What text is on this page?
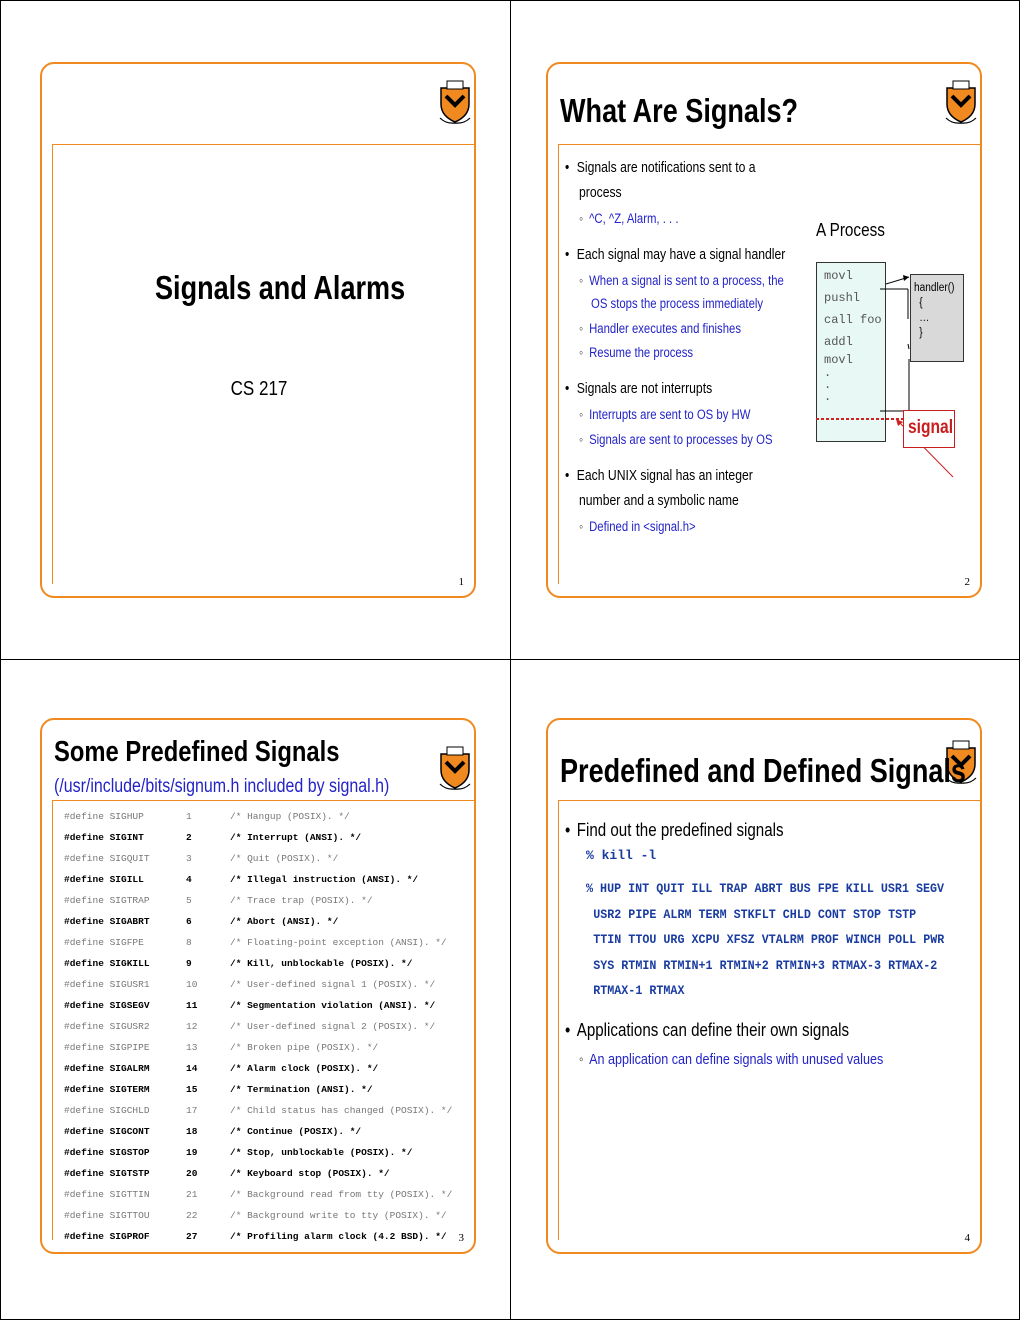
Signals and Alarms
CS 217
1
What Are Signals?
• Signals are notifications sent to a
process
◦ ^C, ^Z, Alarm, . . .
• Each signal may have a signal handler
◦ When a signal is sent to a process, the
OS stops the process immediately
◦ Handler executes and finishes
◦ Resume the process
• Signals are not interrupts
◦ Interrupts are sent to OS by HW
◦ Signals are sent to processes by OS
• Each UNIX signal has an integer
number and a symbolic name
◦ Defined in <signal.h>
A Process
movl
pushl
call foo
addl
movl
.
.
.
handler()
{
…
}
signal
2
Some Predefined Signals
(/usr/include/bits/signum.h included by signal.h)
#define SIGHUP	1	/* Hangup (POSIX). */
#define SIGINT	2	/* Interrupt (ANSI). */
#define SIGQUIT	3	/* Quit (POSIX). */
#define SIGILL	4	/* Illegal instruction (ANSI). */
#define SIGTRAP	5	/* Trace trap (POSIX). */
#define SIGABRT	6	/* Abort (ANSI). */
#define SIGFPE	8	/* Floating-point exception (ANSI). */
#define SIGKILL	9	/* Kill, unblockable (POSIX). */
#define SIGUSR1	10	/* User-defined signal 1 (POSIX). */
#define SIGSEGV	11	/* Segmentation violation (ANSI). */
#define SIGUSR2	12	/* User-defined signal 2 (POSIX). */
#define SIGPIPE	13	/* Broken pipe (POSIX). */
#define SIGALRM	14	/* Alarm clock (POSIX). */
#define SIGTERM	15	/* Termination (ANSI). */
#define SIGCHLD	17	/* Child status has changed (POSIX). */
#define SIGCONT	18	/* Continue (POSIX). */
#define SIGSTOP	19	/* Stop, unblockable (POSIX). */
#define SIGTSTP	20	/* Keyboard stop (POSIX). */
#define SIGTTIN	21	/* Background read from tty (POSIX). */
#define SIGTTOU	22	/* Background write to tty (POSIX). */
#define SIGPROF	27	/* Profiling alarm clock (4.2 BSD). */ 3
Predefined and Defined Signals
• Find out the predefined signals
% kill -l
% HUP INT QUIT ILL TRAP ABRT BUS FPE KILL USR1 SEGV
USR2 PIPE ALRM TERM STKFLT CHLD CONT STOP TSTP
TTIN TTOU URG XCPU XFSZ VTALRM PROF WINCH POLL PWR
SYS RTMIN RTMIN+1 RTMIN+2 RTMIN+3 RTMAX-3 RTMAX-2
RTMAX-1 RTMAX
• Applications can define their own signals
◦ An application can define signals with unused values
4
